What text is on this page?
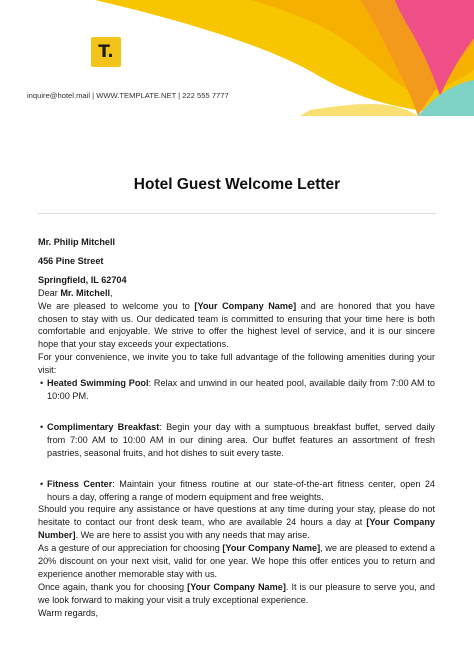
T.
inquire@hotel.mail | WWW.TEMPLATE.NET | 222 555 7777
Hotel Guest Welcome Letter

Mr. Philip Mitchell

456 Pine Street

Springfield, IL 62704

Dear Mr. Mitchell,

We are pleased to welcome you to [Your Company Name] and are honored that you have chosen to stay with us. Our dedicated team is committed to ensuring that your time here is both comfortable and enjoyable. We strive to offer the highest level of service, and it is our sincere hope that your stay exceeds your expectations.

For your convenience, we invite you to take full advantage of the following amenities during your visit:

• Heated Swimming Pool: Relax and unwind in our heated pool, available daily from 7:00 AM to 10:00 PM.
• Complimentary Breakfast: Begin your day with a sumptuous breakfast buffet, served daily from 7:00 AM to 10:00 AM in our dining area. Our buffet features an assortment of fresh pastries, seasonal fruits, and hot dishes to suit every taste.
• Fitness Center: Maintain your fitness routine at our state-of-the-art fitness center, open 24 hours a day, offering a range of modern equipment and free weights.

Should you require any assistance or have questions at any time during your stay, please do not hesitate to contact our front desk team, who are available 24 hours a day at [Your Company Number]. We are here to assist you with any needs that may arise.

As a gesture of our appreciation for choosing [Your Company Name], we are pleased to extend a 20% discount on your next visit, valid for one year. We hope this offer entices you to return and experience another memorable stay with us.

Once again, thank you for choosing [Your Company Name]. It is our pleasure to serve you, and we look forward to making your visit a truly exceptional experience.

Warm regards,
